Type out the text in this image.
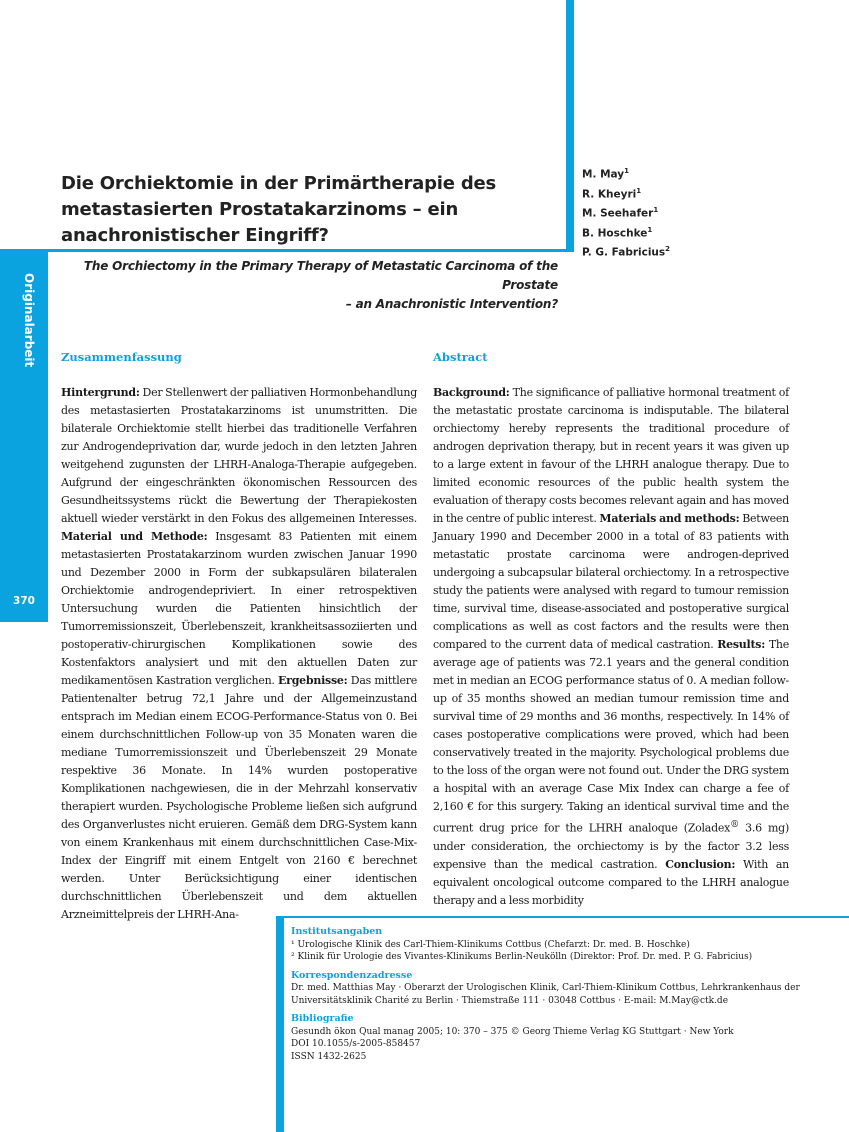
Originalarbeit
370
Die Orchiektomie in der Primärtherapie des metastasierten Prostatakarzinoms – ein anachronistischer Eingriff?
M. May$^1$
R. Kheyri$^1$
M. Seehafer$^1$
B. Hoschke$^1$
P. G. Fabricius$^2$

The Orchiectomy in the Primary Therapy of Metastatic Carcinoma of the Prostate
– an Anachronistic Intervention?

Zusammenfassung	Abstract

Hintergrund: Der Stellenwert der palliativen Hormonbehandlung des metastasierten Prostatakarzinoms ist unumstritten. Die bilaterale Orchiektomie stellt hierbei das traditionelle Verfahren zur Androgendeprivation dar, wurde jedoch in den letzten Jahren weitgehend zugunsten der LHRH-Analoga-Therapie aufgegeben. Aufgrund der eingeschränkten ökonomischen Ressourcen des Gesundheitssystems rückt die Bewertung der Therapiekosten aktuell wieder verstärkt in den Fokus des allgemeinen Interesses. Material und Methode: Insgesamt 83 Patienten mit einem metastasierten Prostatakarzinom wurden zwischen Januar 1990 und Dezember 2000 in Form der subkapsulären bilateralen Orchiektomie androgendepriviert. In einer retrospektiven Untersuchung wurden die Patienten hinsichtlich der Tumorremissionszeit, Überlebenszeit, krankheitsassoziierten und postoperativ-chirurgischen Komplikationen sowie des Kostenfaktors analysiert und mit den aktuellen Daten zur medikamentösen Kastration verglichen. Ergebnisse: Das mittlere Patientenalter betrug 72,1 Jahre und der Allgemeinzustand entsprach im Median einem ECOG-Performance-Status von 0. Bei einem durchschnittlichen Follow-up von 35 Monaten waren die mediane Tumorremissionszeit und Überlebenszeit 29 Monate respektive 36 Monate. In 14% wurden postoperative Komplikationen nachgewiesen, die in der Mehrzahl konservativ therapiert wurden. Psychologische Probleme ließen sich aufgrund des Organverlustes nicht eruieren. Gemäß dem DRG-System kann von einem Krankenhaus mit einem durchschnittlichen Case-Mix-Index der Eingriff mit einem Entgelt von 2160 € berechnet werden. Unter Berücksichtigung einer identischen durchschnittlichen Überlebenszeit und dem aktuellen Arzneimittelpreis der LHRH-Ana-

Background: The significance of palliative hormonal treatment of the metastatic prostate carcinoma is indisputable. The bilateral orchiectomy hereby represents the traditional procedure of androgen deprivation therapy, but in recent years it was given up to a large extent in favour of the LHRH analogue therapy. Due to limited economic resources of the public health system the evaluation of therapy costs becomes relevant again and has moved in the centre of public interest. Materials and methods: Between January 1990 and December 2000 in a total of 83 patients with metastatic prostate carcinoma were androgen-deprived undergoing a subcapsular bilateral orchiectomy. In a retrospective study the patients were analysed with regard to tumour remission time, survival time, disease-associated and postoperative surgical complications as well as cost factors and the results were then compared to the current data of medical castration. Results: The average age of patients was 72.1 years and the general condition met in median an ECOG performance status of 0. A median follow-up of 35 months showed an median tumour remission time and survival time of 29 months and 36 months, respectively. In 14% of cases postoperative complications were proved, which had been conservatively treated in the majority. Psychological problems due to the loss of the organ were not found out. Under the DRG system a hospital with an average Case Mix Index can charge a fee of 2,160 € for this surgery. Taking an identical survival time and the current drug price for the LHRH analoque (Zoladex® 3.6 mg) under consideration, the orchiectomy is by the factor 3.2 less expensive than the medical castration. Conclusion: With an equivalent oncological outcome compared to the LHRH analogue therapy and a less morbidity

Institutsangaben
¹ Urologische Klinik des Carl-Thiem-Klinikums Cottbus (Chefarzt: Dr. med. B. Hoschke)
² Klinik für Urologie des Vivantes-Klinikums Berlin-Neukölln (Direktor: Prof. Dr. med. P. G. Fabricius)
Korrespondenzadresse
Dr. med. Matthias May · Oberarzt der Urologischen Klinik, Carl-Thiem-Klinikum Cottbus, Lehrkrankenhaus der
Universitätsklinik Charité zu Berlin · Thiemstraße 111 · 03048 Cottbus · E-mail: M.May@ctk.de
Bibliografie
Gesundh ökon Qual manag 2005; 10: 370 – 375 © Georg Thieme Verlag KG Stuttgart · New York
DOI 10.1055/s-2005-858457
ISSN 1432-2625
